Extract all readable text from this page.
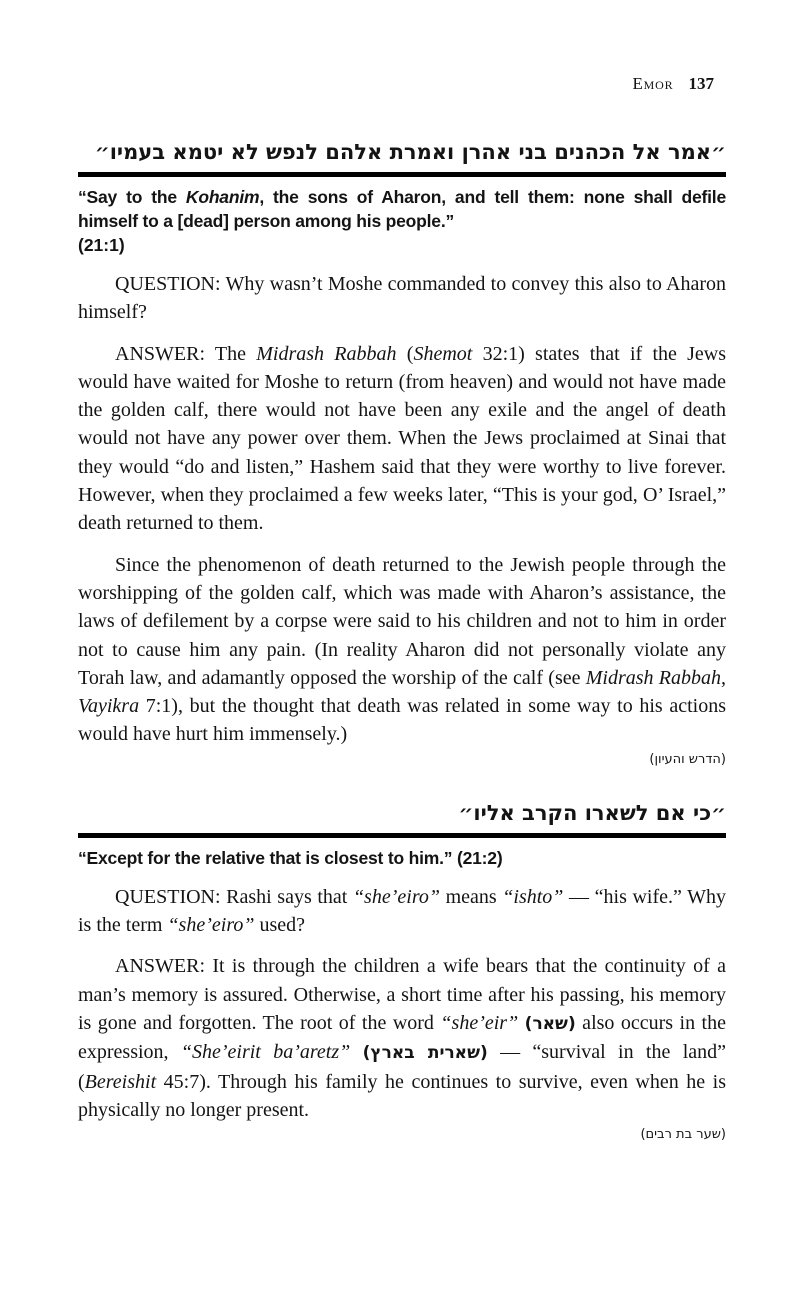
Emor 137
״אמר אל הכהנים בני אהרן ואמרת אלהם לנפש לא יטמא בעמיו״

“Say to the Kohanim, the sons of Aharon, and tell them: none shall defile himself to a [dead] person among his people.”

(21:1)

QUESTION: Why wasn’t Moshe commanded to convey this also to Aharon himself?

ANSWER: The Midrash Rabbah (Shemot 32:1) states that if the Jews would have waited for Moshe to return (from heaven) and would not have made the golden calf, there would not have been any exile and the angel of death would not have any power over them. When the Jews proclaimed at Sinai that they would “do and listen,” Hashem said that they were worthy to live forever. However, when they proclaimed a few weeks later, “This is your god, O’ Israel,” death returned to them.

Since the phenomenon of death returned to the Jewish people through the worshipping of the golden calf, which was made with Aharon’s assistance, the laws of defilement by a corpse were said to his children and not to him in order not to cause him any pain. (In reality Aharon did not personally violate any Torah law, and adamantly opposed the worship of the calf (see Midrash Rabbah, Vayikra 7:1), but the thought that death was related in some way to his actions would have hurt him immensely.)

(הדרש והעיון)
״כי אם לשארו הקרב אליו״

“Except for the relative that is closest to him.” (21:2)

QUESTION: Rashi says that “she’eiro” means “ishto” — “his wife.” Why is the term “she’eiro” used?

ANSWER: It is through the children a wife bears that the continuity of a man’s memory is assured. Otherwise, a short time after his passing, his memory is gone and forgotten. The root of the word “she’eir” (שאר) also occurs in the expression, “She’eirit ba’aretz” (שארית בארץ) — “survival in the land” (Bereishit 45:7). Through his family he continues to survive, even when he is physically no longer present.

(שער בת רבים)
